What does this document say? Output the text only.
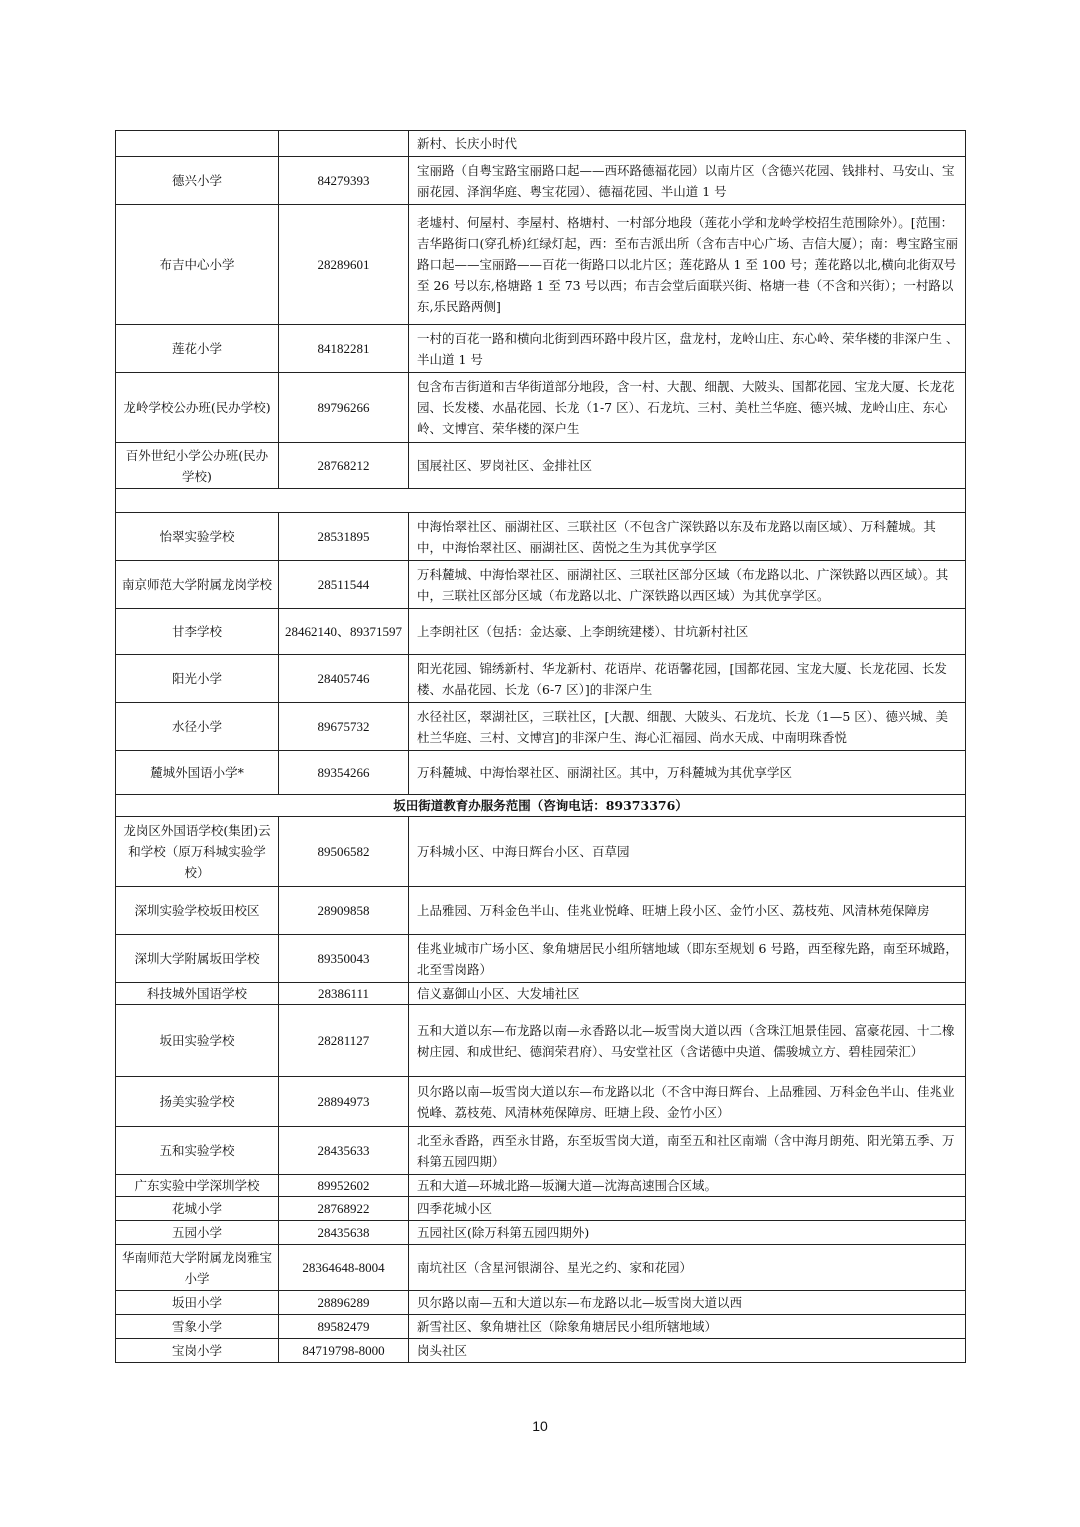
		新村、长庆小时代
德兴小学	84279393	宝丽路（自粤宝路宝丽路口起——西环路德福花园）以南片区（含德兴花园、钱排村、马安山、宝丽花园、泽润华庭、粤宝花园）、德福花园、半山道 1 号
布吉中心小学	28289601	老墟村、何屋村、李屋村、格塘村、一村部分地段（莲花小学和龙岭学校招生范围除外）。[范围：吉华路街口(穿孔桥)红绿灯起，西：至布吉派出所（含布吉中心广场、吉信大厦）；南：粤宝路宝丽路口起——宝丽路——百花一街路口以北片区；莲花路从 1 至 100 号；莲花路以北,横向北街双号至 26 号以东,格塘路 1 至 73 号以西；布吉会堂后面联兴街、格塘一巷（不含和兴街）；一村路以东,乐民路两侧]
莲花小学	84182281	一村的百花一路和横向北街到西环路中段片区，盘龙村，龙岭山庄、东心岭、荣华楼的非深户生 、半山道 1 号
龙岭学校公办班(民办学校)	89796266	包含布吉街道和吉华街道部分地段，含一村、大靓、细靓、大陂头、国都花园、宝龙大厦、长龙花园、长发楼、水晶花园、长龙（1-7 区）、石龙坑、三村、美杜兰华庭、德兴城、龙岭山庄、东心岭、文博宫、荣华楼的深户生
百外世纪小学公办班(民办学校)	28768212	国展社区、罗岗社区、金排社区

怡翠实验学校	28531895	中海怡翠社区、丽湖社区、三联社区（不包含广深铁路以东及布龙路以南区域）、万科麓城。其中，中海怡翠社区、丽湖社区、茵悦之生为其优享学区
南京师范大学附属龙岗学校	28511544	万科麓城、中海怡翠社区、丽湖社区、三联社区部分区域（布龙路以北、广深铁路以西区域）。其中，三联社区部分区域（布龙路以北、广深铁路以西区域）为其优享学区。
甘李学校	28462140、89371597	上李朗社区（包括：金达豪、上李朗统建楼）、甘坑新村社区
阳光小学	28405746	阳光花园、锦绣新村、华龙新村、花语岸、花语馨花园，[国都花园、宝龙大厦、长龙花园、长发楼、水晶花园、长龙（6-7 区）]的非深户生
水径小学	89675732	水径社区，翠湖社区，三联社区，[大靓、细靓、大陂头、石龙坑、长龙（1—5 区）、德兴城、美杜兰华庭、三村、文博宫]的非深户生、海心汇福园、尚水天成、中南明珠香悦
麓城外国语小学*	89354266	万科麓城、中海怡翠社区、丽湖社区。其中，万科麓城为其优享学区
坂田街道教育办服务范围（咨询电话：89373376）		
龙岗区外国语学校(集团)云和学校（原万科城实验学校）	89506582	万科城小区、中海日辉台小区、百草园
深圳实验学校坂田校区	28909858	上品雅园、万科金色半山、佳兆业悦峰、旺塘上段小区、金竹小区、荔枝苑、风清林苑保障房
深圳大学附属坂田学校	89350043	佳兆业城市广场小区、象角塘居民小组所辖地域（即东至规划 6 号路，西至稼先路，南至环城路，北至雪岗路）
科技城外国语学校	28386111	信义嘉御山小区、大发埔社区
坂田实验学校	28281127	五和大道以东—布龙路以南—永香路以北—坂雪岗大道以西（含珠江旭景佳园、富豪花园、十二橡树庄园、和成世纪、德润荣君府）、马安堂社区（含诺德中央道、儒骏城立方、碧桂园荣汇）
扬美实验学校	28894973	贝尔路以南—坂雪岗大道以东—布龙路以北（不含中海日辉台、上品雅园、万科金色半山、佳兆业悦峰、荔枝苑、风清林苑保障房、旺塘上段、金竹小区）
五和实验学校	28435633	北至永香路，西至永甘路，东至坂雪岗大道，南至五和社区南端（含中海月朗苑、阳光第五季、万科第五园四期）
广东实验中学深圳学校	89952602	五和大道—环城北路—坂澜大道—沈海高速围合区域。
花城小学	28768922	四季花城小区
五园小学	28435638	五园社区(除万科第五园四期外)
华南师范大学附属龙岗雅宝小学	28364648-8004	南坑社区（含星河银湖谷、星光之约、家和花园）
坂田小学	28896289	贝尔路以南—五和大道以东—布龙路以北—坂雪岗大道以西
雪象小学	89582479	新雪社区、象角塘社区（除象角塘居民小组所辖地域）
宝岗小学	84719798-8000	岗头社区
10
